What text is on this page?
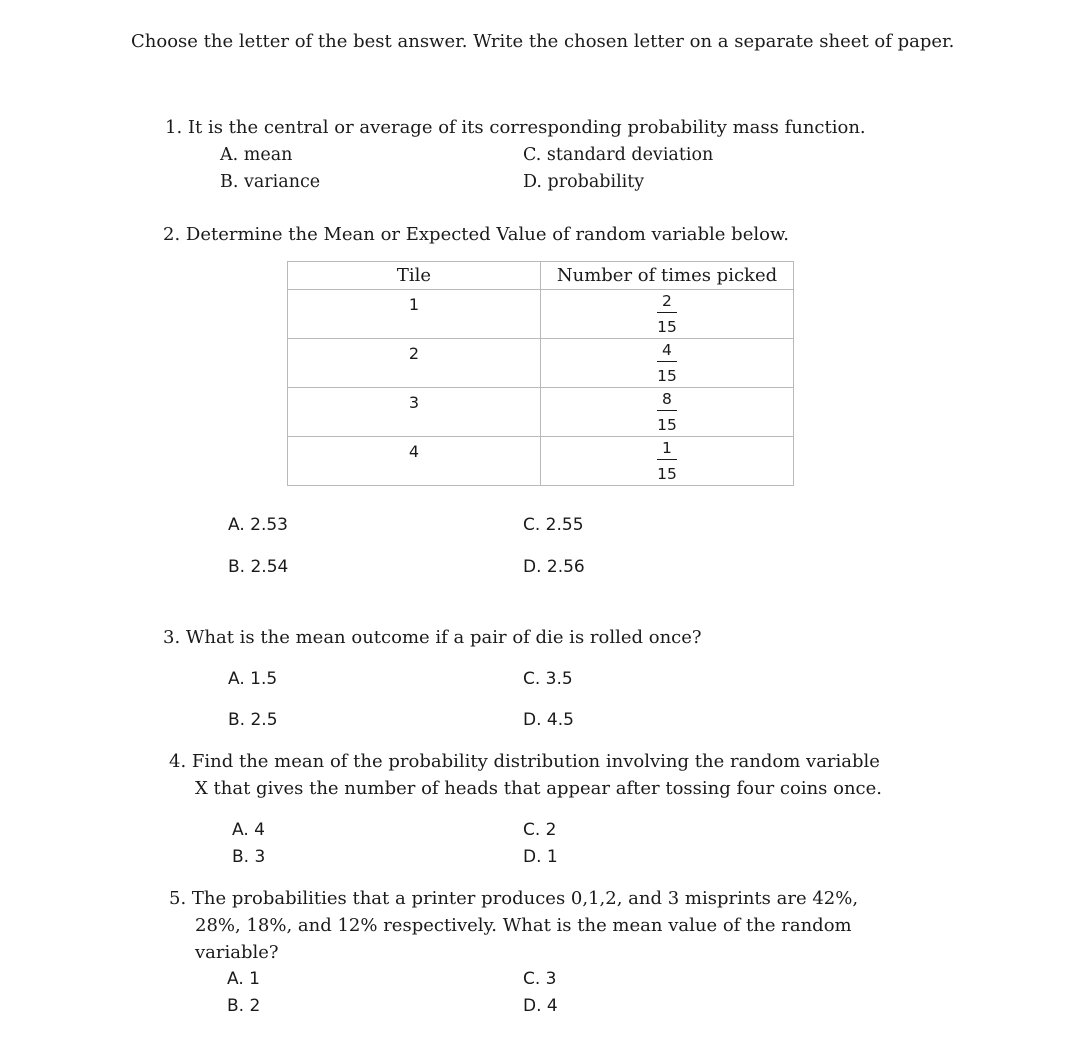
Choose the letter of the best answer. Write the chosen letter on a separate sheet of paper.
1. It is the central or average of its corresponding probability mass function.
A. mean
B. variance
C. standard deviation
D. probability
2. Determine the Mean or Expected Value of random variable below.
Tile	Number of times picked

1	$\frac{2}{15}$

2	$\frac{4}{15}$

3	$\frac{8}{15}$

4	$\frac{1}{15}$
A. 2.53
B. 2.54
C. 2.55
D. 2.56
3. What is the mean outcome if a pair of die is rolled once?
A. 1.5
B. 2.5
C. 3.5
D. 4.5
4. Find the mean of the probability distribution involving the random variable
X that gives the number of heads that appear after tossing four coins once.
A. 4
B. 3
C. 2
D. 1
5. The probabilities that a printer produces 0,1,2, and 3 misprints are 42%,
28%, 18%, and 12% respectively. What is the mean value of the random
variable?
A. 1
B. 2
C. 3
D. 4
